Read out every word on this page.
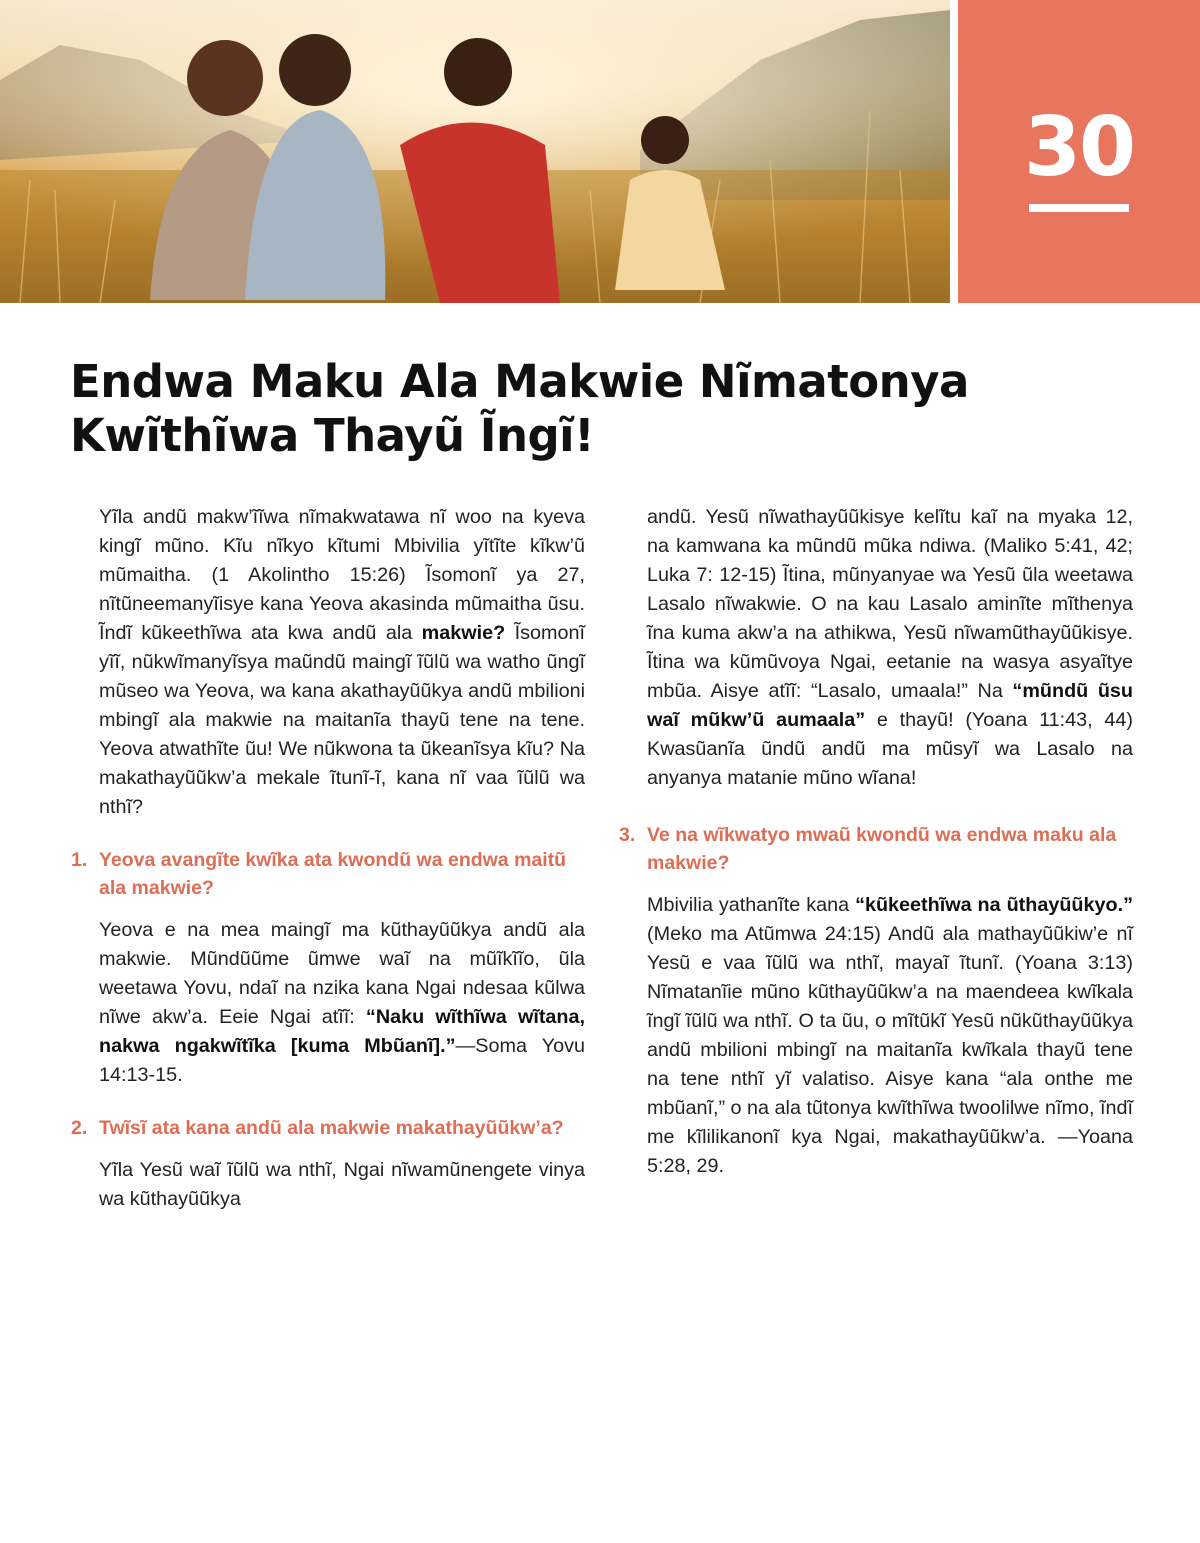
30
Endwa Maku Ala Makwie Nĩmatonya Kwĩthĩwa Thayũ Ĩngĩ!

Yĩla andũ makw’ĩĩwa nĩmakwatawa nĩ woo na kyeva kingĩ mũno. Kĩu nĩkyo kĩtumi Mbivilia yĩtĩte kĩkw’ũ mũmaitha. (1 Akolintho 15:26) Ĩsomonĩ ya 27, nĩtũneemanyĩisye kana Yeova akasinda mũmaitha ũsu. Ĩndĩ kũkeethĩwa ata kwa andũ ala makwie? Ĩsomonĩ yĩĩ, nũkwĩmanyĩsya maũndũ maingĩ ĩũlũ wa watho ũngĩ mũseo wa Yeova, wa kana akathayũũkya andũ mbilioni mbingĩ ala makwie na maitanĩa thayũ tene na tene. Yeova atwathĩte ũu! We nũkwona ta ũkeanĩsya kĩu? Na makathayũũkw’a mekale ĩtunĩ-ĩ, kana nĩ vaa ĩũlũ wa nthĩ?

1. Yeova avangĩte kwĩka ata kwondũ wa endwa maitũ ala makwie?

Yeova e na mea maingĩ ma kũthayũũkya andũ ala makwie. Mũndũũme ũmwe waĩ na mũĩkĩĩo, ũla weetawa Yovu, ndaĩ na nzika kana Ngai ndesaa kũlwa nĩwe akw’a. Eeie Ngai atĩĩ: “Naku wĩthĩwa wĩtana, nakwa ngakwĩtĩka [kuma Mbũanĩ].”—Soma Yovu 14:13-15.

2. Twĩsĩ ata kana andũ ala makwie makathayũũkw’a?

Yĩla Yesũ waĩ ĩũlũ wa nthĩ, Ngai nĩwamũnengete vinya wa kũthayũũkya

andũ. Yesũ nĩwathayũũkisye kelĩtu kaĩ na myaka 12, na kamwana ka mũndũ mũka ndiwa. (Maliko 5:41, 42; Luka 7: 12-15) Ĩtina, mũnyanyae wa Yesũ ũla weetawa Lasalo nĩwakwie. O na kau Lasalo aminĩte mĩthenya ĩna kuma akw’a na athikwa, Yesũ nĩwamũthayũũkisye. Ĩtina wa kũmũvoya Ngai, eetanie na wasya asyaĩtye mbũa. Aisye atĩĩ: “Lasalo, umaala!” Na “mũndũ ũsu waĩ mũkw’ũ aumaala” e thayũ! (Yoana 11:43, 44) Kwasũanĩa ũndũ andũ ma mũsyĩ wa Lasalo na anyanya matanie mũno wĩana!

3. Ve na wĩkwatyo mwaũ kwondũ wa endwa maku ala makwie?

Mbivilia yathanĩte kana “kũkeethĩwa na ũthayũũkyo.” (Meko ma Atũmwa 24:15) Andũ ala mathayũũkiw’e nĩ Yesũ e vaa ĩũlũ wa nthĩ, mayaĩ ĩtunĩ. (Yoana 3:13) Nĩmatanĩie mũno kũthayũũkw’a na maendeea kwĩkala ĩngĩ ĩũlũ wa nthĩ. O ta ũu, o mĩtũkĩ Yesũ nũkũthayũũkya andũ mbilioni mbingĩ na maitanĩa kwĩkala thayũ tene na tene nthĩ yĩ valatiso. Aisye kana “ala onthe me mbũanĩ,” o na ala tũtonya kwĩthĩwa twoolilwe nĩmo, ĩndĩ me kĩlilikanonĩ kya Ngai, makathayũũkw’a. —Yoana 5:28, 29.
